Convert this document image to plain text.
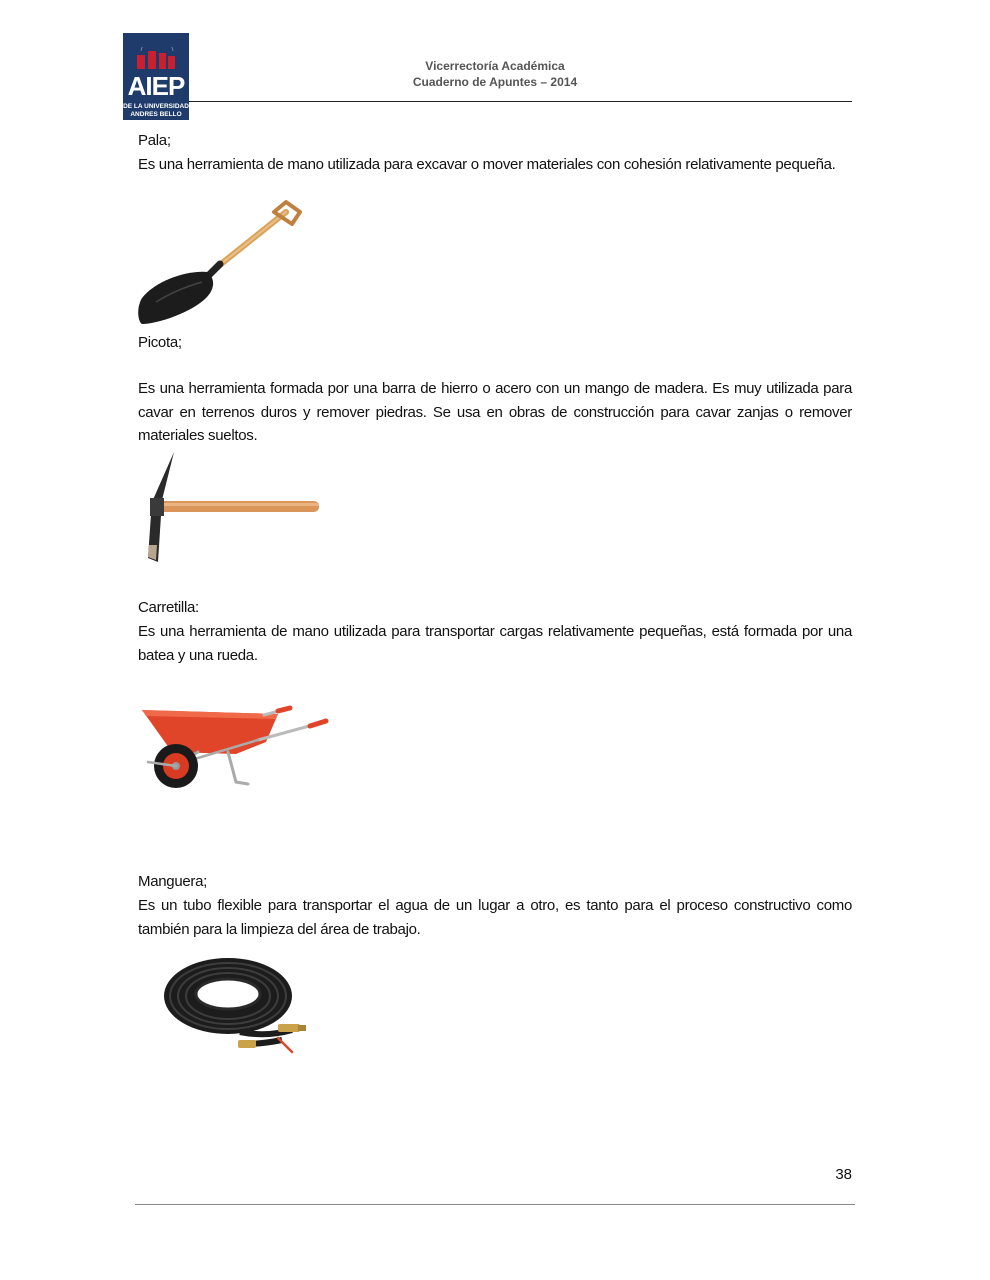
AIEP
DE LA UNIVERSIDAD
ANDRES BELLO
Vicerrectoría Académica
Cuaderno de Apuntes – 2014
Pala;
Es una herramienta de mano utilizada para excavar o mover materiales con cohesión relativamente pequeña.
Picota;
Es una herramienta formada por una barra de hierro o acero con un mango de madera. Es muy utilizada para cavar en terrenos duros y remover piedras. Se usa en obras de construcción para cavar zanjas o remover materiales sueltos.
Carretilla:
Es una herramienta de mano utilizada para transportar cargas relativamente pequeñas, está formada por una batea y una rueda.
Manguera;
Es un tubo flexible para transportar el agua de un lugar a otro, es tanto para el proceso constructivo como también para la limpieza del área de trabajo.
38
